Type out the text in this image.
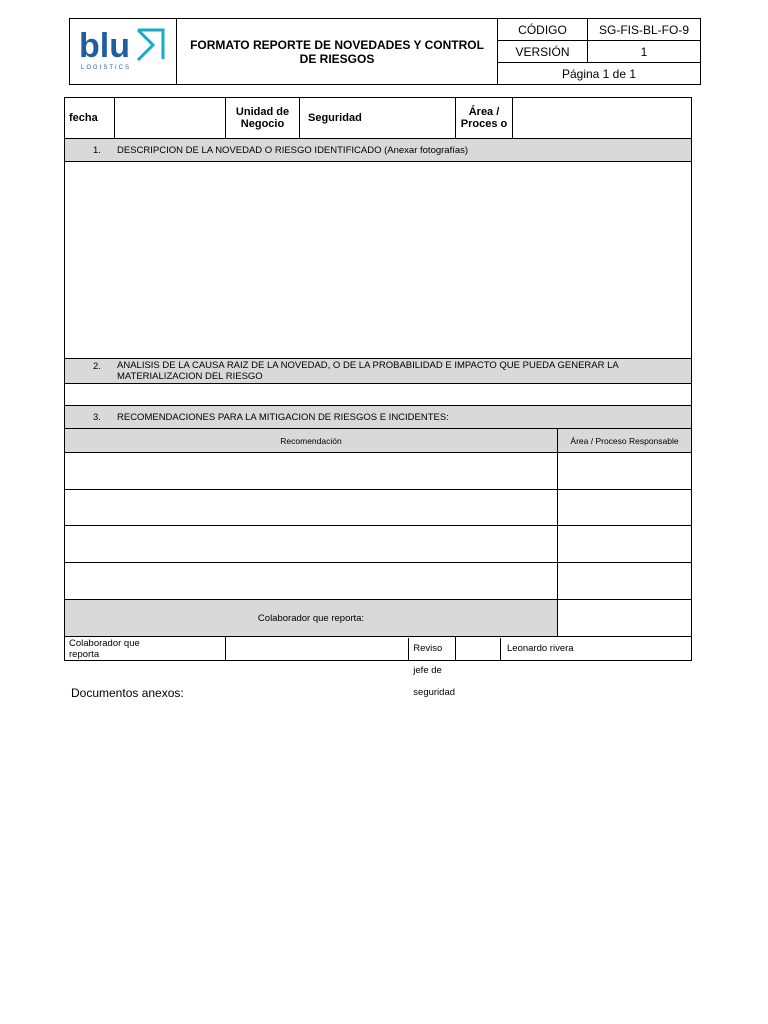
blu
LOGISTICS	FORMATO REPORTE DE NOVEDADES Y CONTROL DE RIESGOS	CÓDIGO	SG-FIS-BL-FO-9
		VERSIÓN	1
		Página 1 de 1	
fecha		Unidad de Negocio	Seguridad	Área / Proces o		

1. DESCRIPCION DE LA NOVEDAD O RIESGO IDENTIFICADO (Anexar fotografías)						

2. ANALISIS DE LA CAUSA RAIZ DE LA NOVEDAD, O DE LA PROBABILIDAD E IMPACTO QUE PUEDA GENERAR LA MATERIALIZACION DEL RIESGO						

3. RECOMENDACIONES PARA LA MITIGACION DE RIESGOS E INCIDENTES:						

Recomendación						Área / Proceso Responsable

Colaborador que reporta:						

Colaborador que reporta		Reviso jefe de seguridad		Leonardo rivera		
Documentos anexos:
